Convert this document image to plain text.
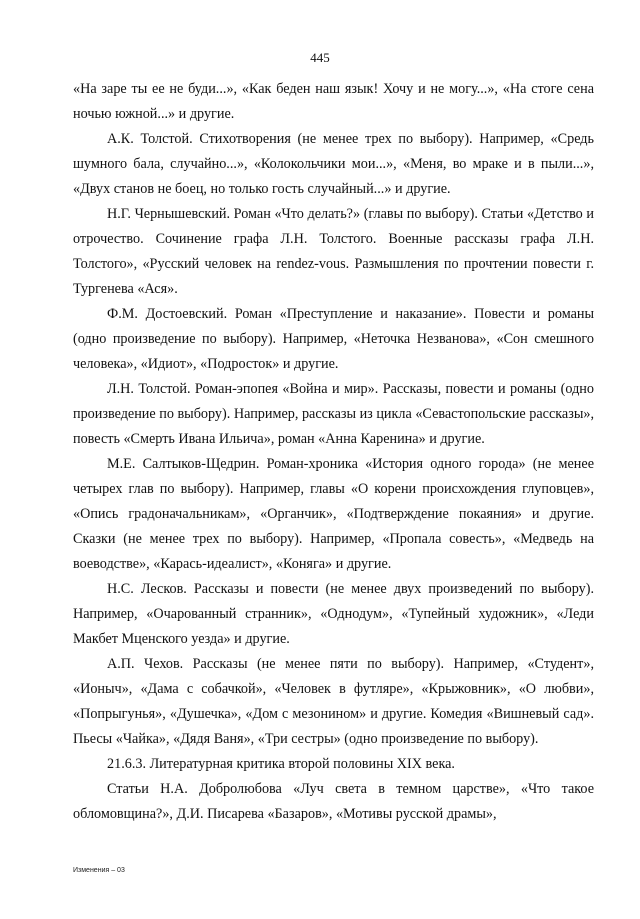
445

«На заре ты ее не буди...», «Как беден наш язык! Хочу и не могу...», «На стоге сена ночью южной...» и другие.

А.К. Толстой. Стихотворения (не менее трех по выбору). Например, «Средь шумного бала, случайно...», «Колокольчики мои...», «Меня, во мраке и в пыли...», «Двух станов не боец, но только гость случайный...» и другие.

Н.Г. Чернышевский. Роман «Что делать?» (главы по выбору). Статьи «Детство и отрочество. Сочинение графа Л.Н. Толстого. Военные рассказы графа Л.Н. Толстого», «Русский человек на rendez-vous. Размышления по прочтении повести г. Тургенева «Ася».

Ф.М. Достоевский. Роман «Преступление и наказание». Повести и романы (одно произведение по выбору). Например, «Неточка Незванова», «Сон смешного человека», «Идиот», «Подросток» и другие.

Л.Н. Толстой. Роман-эпопея «Война и мир». Рассказы, повести и романы (одно произведение по выбору). Например, рассказы из цикла «Севастопольские рассказы», повесть «Смерть Ивана Ильича», роман «Анна Каренина» и другие.

М.Е. Салтыков-Щедрин. Роман-хроника «История одного города» (не менее четырех глав по выбору). Например, главы «О корени происхождения глуповцев», «Опись градоначальникам», «Органчик», «Подтверждение покаяния» и другие. Сказки (не менее трех по выбору). Например, «Пропала совесть», «Медведь на воеводстве», «Карась-идеалист», «Коняга» и другие.

Н.С. Лесков. Рассказы и повести (не менее двух произведений по выбору). Например, «Очарованный странник», «Однодум», «Тупейный художник», «Леди Макбет Мценского уезда» и другие.

А.П. Чехов. Рассказы (не менее пяти по выбору). Например, «Студент», «Ионыч», «Дама с собачкой», «Человек в футляре», «Крыжовник», «О любви», «Попрыгунья», «Душечка», «Дом с мезонином» и другие. Комедия «Вишневый сад». Пьесы «Чайка», «Дядя Ваня», «Три сестры» (одно произведение по выбору).

21.6.3. Литературная критика второй половины XIX века.

Статьи Н.А. Добролюбова «Луч света в темном царстве», «Что такое обломовщина?», Д.И. Писарева «Базаров», «Мотивы русской драмы»,

Изменения – 03
